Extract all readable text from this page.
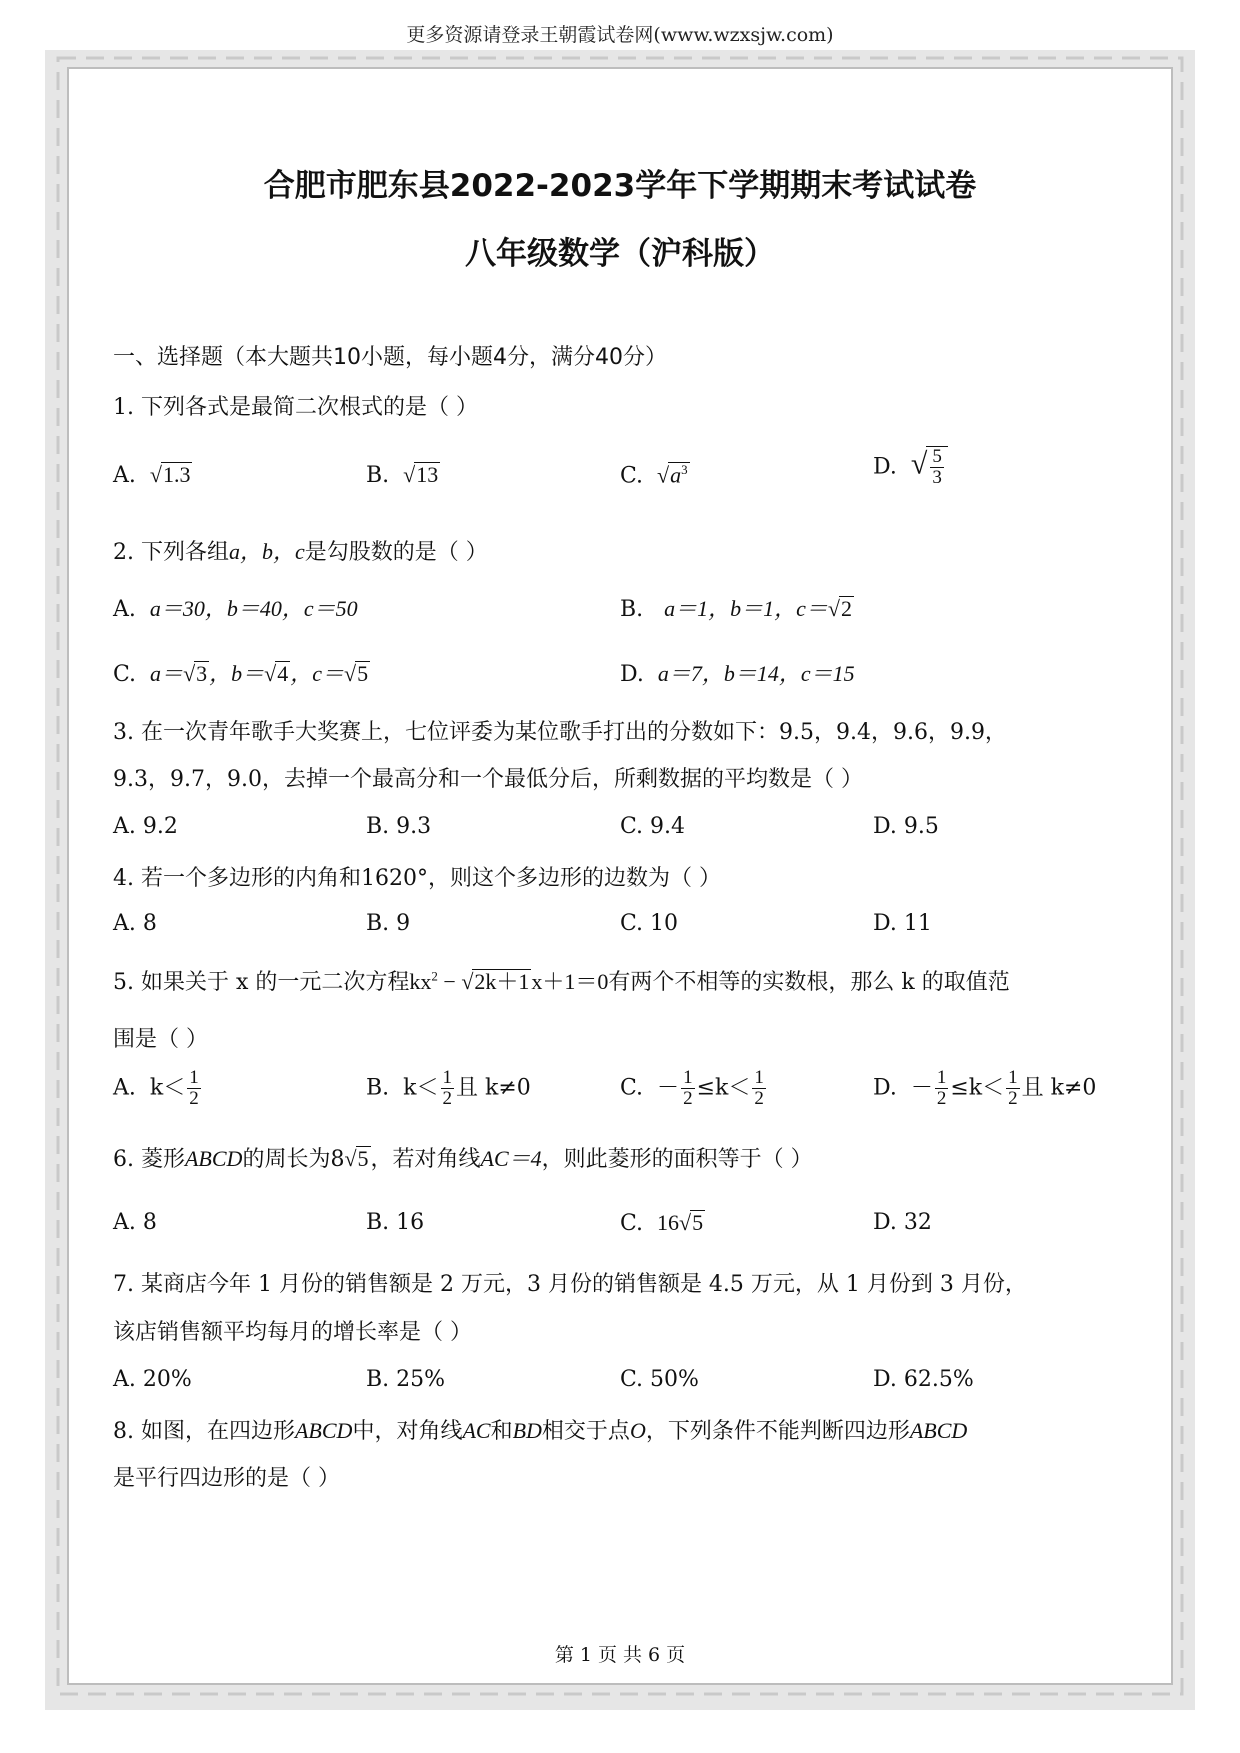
更多资源请登录王朝霞试卷网(www.wzxsjw.com)
合肥市肥东县2022-2023学年下学期期末考试试卷
八年级数学（沪科版）
一、选择题（本大题共10小题，每小题4分，满分40分）
1. 下列各式是最简二次根式的是（ ）
A. √1.3	B. √13	C. $√a^3$	D. √ $\frac{5}{3}$
2. 下列各组a，b，c是勾股数的是（ ）
A. a＝30，b＝40，c＝50	B. a＝1，b＝1，c＝√2
C. a＝√3，b＝√4，c＝√5	D. a＝7，b＝14，c＝15
3. 在一次青年歌手大奖赛上，七位评委为某位歌手打出的分数如下：9.5，9.4，9.6，9.9，
9.3，9.7，9.0，去掉一个最高分和一个最低分后，所剩数据的平均数是（ ）
A. 9.2	B. 9.3	C. 9.4	D. 9.5
4. 若一个多边形的内角和1620°，则这个多边形的边数为（ ）
A. 8	B. 9	C. 10	D. 11
5. 如果关于 x 的一元二次方程$kx^2 - √2k+1x+1=0$有两个不相等的实数根，那么 k 的取值范
围是（ ）
A. $k< \frac{1}{2}$	B. $k< \frac{1}{2}$ 且 k≠0	C. － $\frac{1}{2} \le k< \frac{1}{2}$	D. － $\frac{1}{2} \le k< \frac{1}{2}$ 且 k≠0
6. 菱形ABCD的周长为8√5，若对角线AC＝4，则此菱形的面积等于（ ）
A. 8	B. 16	C. 16√5	D. 32
7. 某商店今年 1 月份的销售额是 2 万元，3 月份的销售额是 4.5 万元，从 1 月份到 3 月份，
该店销售额平均每月的增长率是（ ）
A. 20%	B. 25%	C. 50%	D. 62.5%
8. 如图，在四边形ABCD中，对角线AC和BD相交于点O，下列条件不能判断四边形ABCD
是平行四边形的是（ ）
第 1 页 共 6 页
